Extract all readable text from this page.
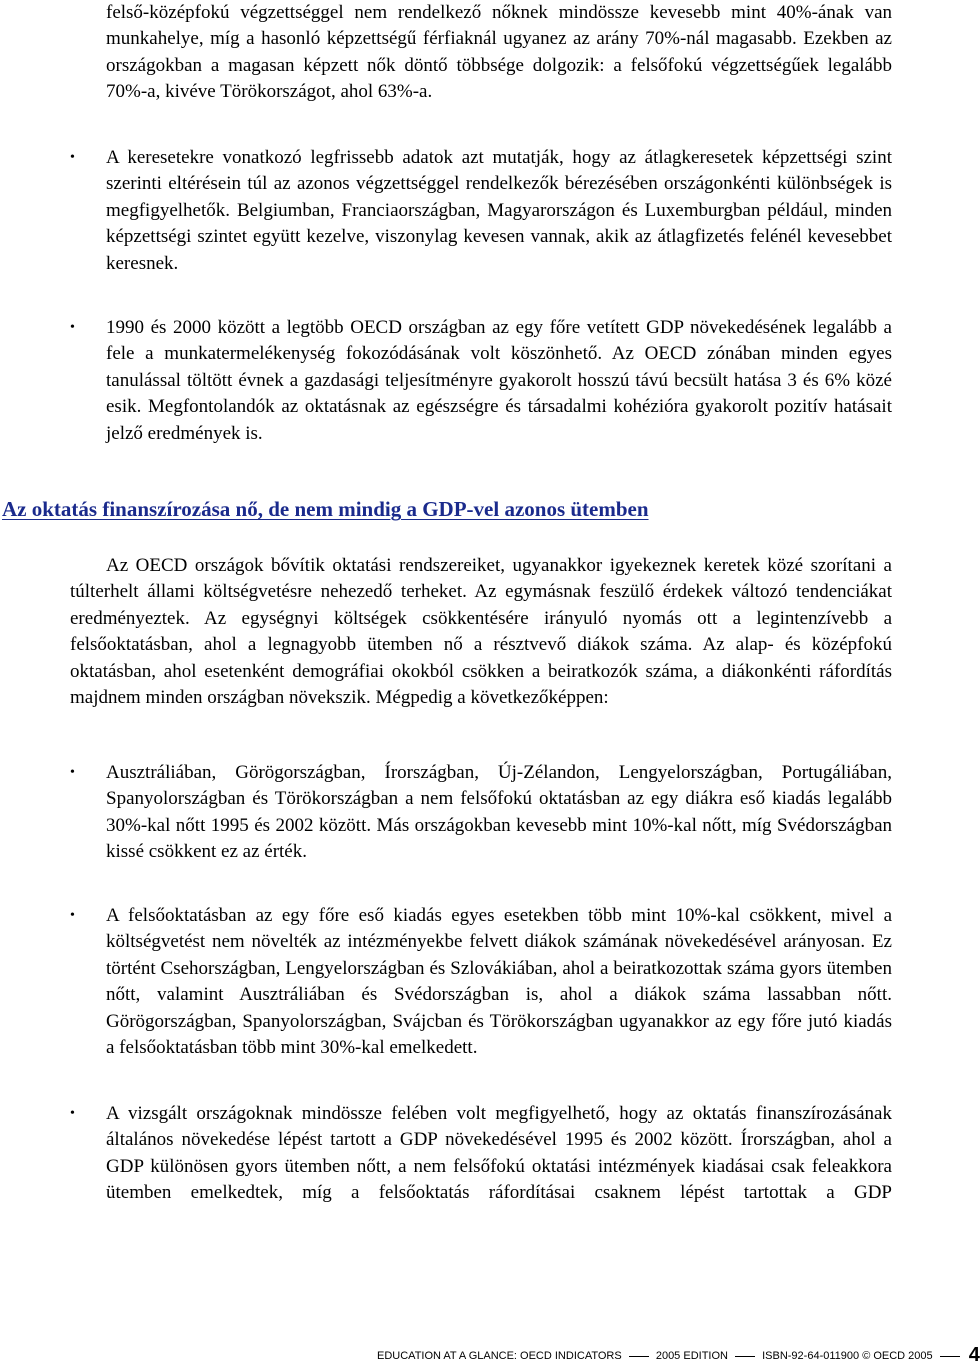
felső-középfokú végzettséggel nem rendelkező nőknek mindössze kevesebb mint 40%-ának van munkahelye, míg a hasonló képzettségű férfiaknál ugyanez az arány 70%-nál magasabb. Ezekben az országokban a magasan képzett nők döntő többsége dolgozik: a felsőfokú végzettségűek legalább 70%-a, kivéve Törökországot, ahol 63%-a.

• A keresetekre vonatkozó legfrissebb adatok azt mutatják, hogy az átlagkeresetek képzettségi szint szerinti eltérésein túl az azonos végzettséggel rendelkezők bérezésében országonkénti különbségek is megfigyelhetők. Belgiumban, Franciaországban, Magyarországon és Luxemburgban például, minden képzettségi szintet együtt kezelve, viszonylag kevesen vannak, akik az átlagfizetés felénél kevesebbet keresnek.

• 1990 és 2000 között a legtöbb OECD országban az egy főre vetített GDP növekedésének legalább a fele a munkatermelékenység fokozódásának volt köszönhető. Az OECD zónában minden egyes tanulással töltött évnek a gazdasági teljesítményre gyakorolt hosszú távú becsült hatása 3 és 6% közé esik. Megfontolandók az oktatásnak az egészségre és társadalmi kohézióra gyakorolt pozitív hatásait jelző eredmények is.

Az oktatás finanszírozása nő, de nem mindig a GDP-vel azonos ütemben

Az OECD országok bővítik oktatási rendszereiket, ugyanakkor igyekeznek keretek közé szorítani a túlterhelt állami költségvetésre nehezedő terheket. Az egymásnak feszülő érdekek változó tendenciákat eredményeztek. Az egységnyi költségek csökkentésére irányuló nyomás ott a legintenzívebb a felsőoktatásban, ahol a legnagyobb ütemben nő a résztvevő diákok száma. Az alap- és középfokú oktatásban, ahol esetenként demográfiai okokból csökken a beiratkozók száma, a diákonkénti ráfordítás majdnem minden országban növekszik. Mégpedig a következőképpen:

• Ausztráliában, Görögországban, Írországban, Új-Zélandon, Lengyelországban, Portugáliában, Spanyolországban és Törökországban a nem felsőfokú oktatásban az egy diákra eső kiadás legalább 30%-kal nőtt 1995 és 2002 között. Más országokban kevesebb mint 10%-kal nőtt, míg Svédországban kissé csökkent ez az érték.

• A felsőoktatásban az egy főre eső kiadás egyes esetekben több mint 10%-kal csökkent, mivel a költségvetést nem növelték az intézményekbe felvett diákok számának növekedésével arányosan. Ez történt Csehországban, Lengyelországban és Szlovákiában, ahol a beiratkozottak száma gyors ütemben nőtt, valamint Ausztráliában és Svédországban is, ahol a diákok száma lassabban nőtt. Görögországban, Spanyolországban, Svájcban és Törökországban ugyanakkor az egy főre jutó kiadás a felsőoktatásban több mint 30%-kal emelkedett.

• A vizsgált országoknak mindössze felében volt megfigyelhető, hogy az oktatás finanszírozásának általános növekedése lépést tartott a GDP növekedésével 1995 és 2002 között. Írországban, ahol a GDP különösen gyors ütemben nőtt, a nem felsőfokú oktatási intézmények kiadásai csak feleakkora ütemben emelkedtek, míg a felsőoktatás ráfordításai csaknem lépést tartottak a GDP

EDUCATION AT A GLANCE: OECD INDICATORS	2005 EDITION	ISBN-92-64-011900 © OECD 2005 4
